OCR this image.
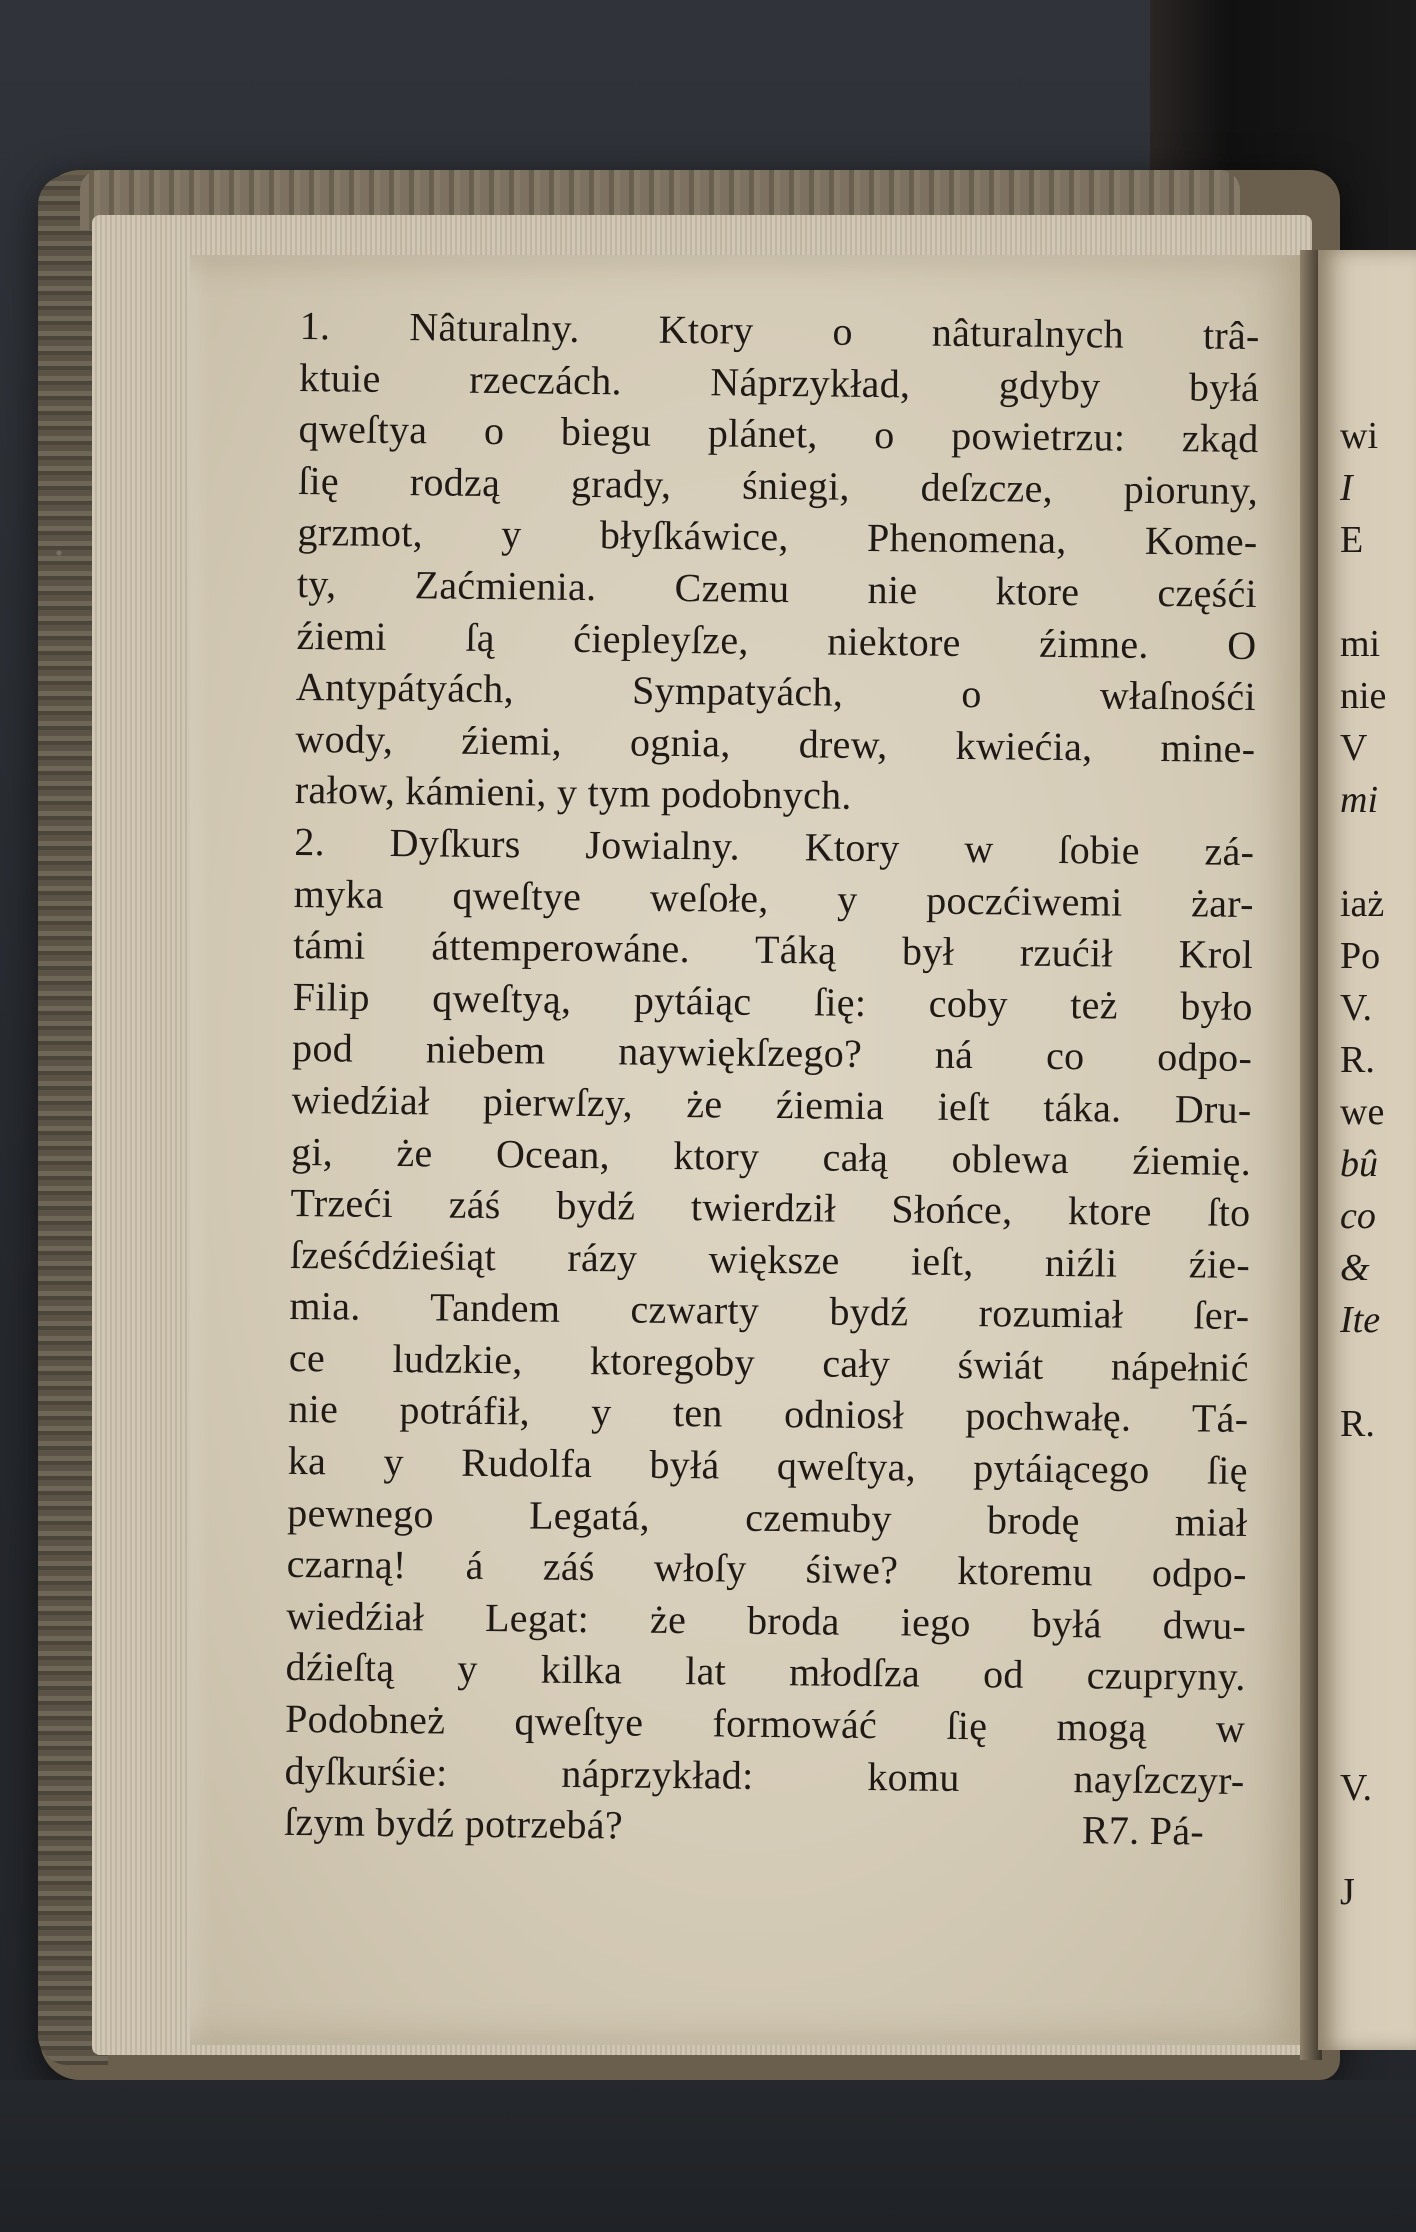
1. Nâturalny. Ktory o nâturalnych trâ-
ktuie rzeczách. Náprzykład, gdyby byłá
qweſtya o biegu plánet, o powietrzu: zkąd
ſię rodzą grady, śniegi, deſzcze, pioruny,
grzmot, y błyſkáwice, Phenomena, Kome-
ty, Zaćmienia. Czemu nie ktore częśći
źiemi ſą ćiepleyſze, niektore źimne. O
Antypátyách, Sympatyách, o właſnośći
wody, źiemi, ognia, drew, kwiećia, mine-
rałow, kámieni, y tym podobnych.
2. Dyſkurs Jowialny. Ktory w ſobie zá-
myka qweſtye weſołe, y poczćiwemi żar-
támi áttemperowáne. Táką był rzućił Krol
Filip qweſtyą, pytáiąc ſię: coby też było
pod niebem naywiękſzego? ná co odpo-
wiedźiał pierwſzy, że źiemia ieſt táka. Dru-
gi, że Ocean, ktory całą oblewa źiemię.
Trzeći záś bydź twierdził Słońce, ktore ſto
ſześćdźieśiąt rázy większe ieſt, niźli źie-
mia. Tandem czwarty bydź rozumiał ſer-
ce ludzkie, ktoregoby cały świát nápełnić
nie potráfił, y ten odniosł pochwałę. Tá-
ka y Rudolfa byłá qweſtya, pytáiącego ſię
pewnego Legatá, czemuby brodę miał
czarną! á záś włoſy śiwe? ktoremu odpo-
wiedźiał Legat: że broda iego byłá dwu-
dźieſtą y kilka lat młodſza od czupryny.
Podobneż qweſtye formowáć ſię mogą w
dyſkurśie: náprzykład: komu nayſzczyr-
ſzym bydź potrzebá?	R7. Pá-
wi
I
E
mi
nie
V
mi
iaż
Po
V.
R.
we
bû
co
&
Ite
R.
V.
J
